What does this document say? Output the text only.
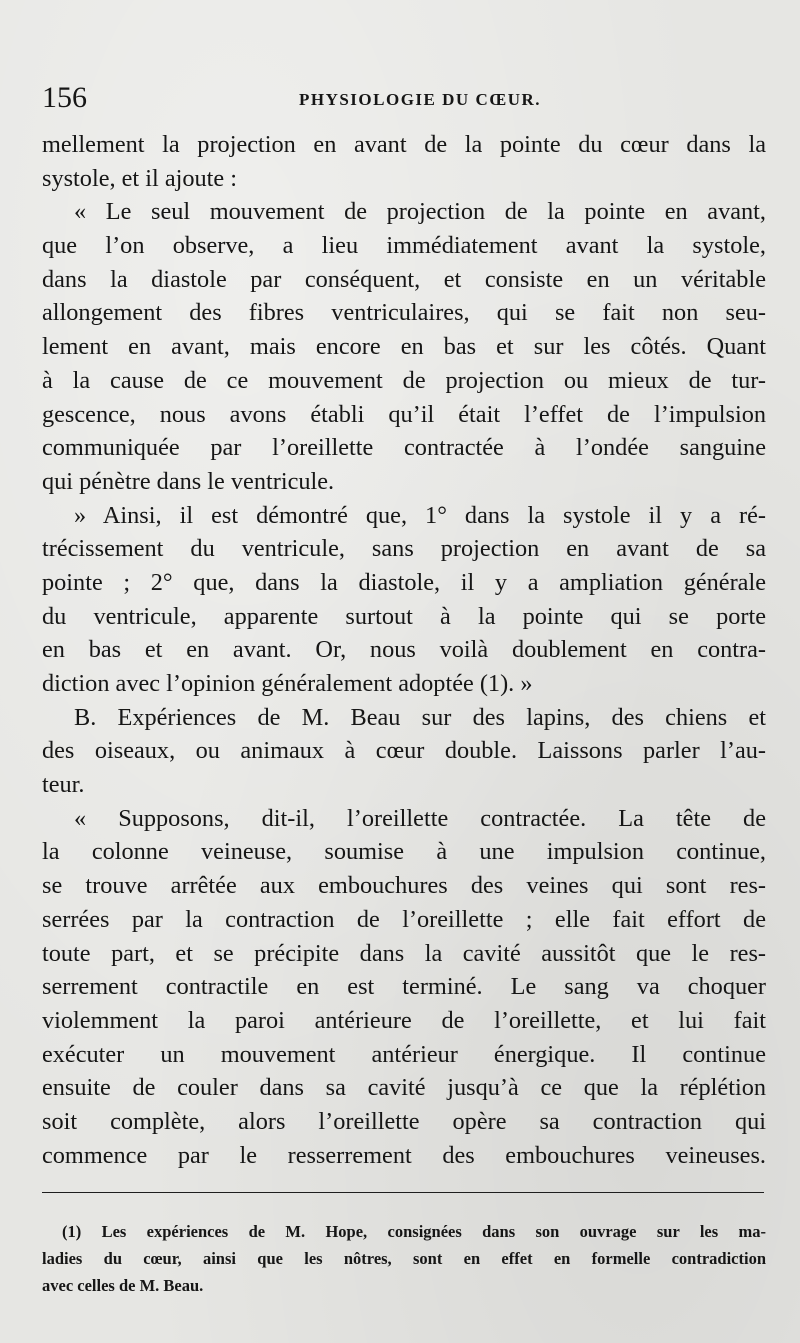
156	PHYSIOLOGIE DU CŒUR.
mellement la projection en avant de la pointe du cœur dans la
systole, et il ajoute :
« Le seul mouvement de projection de la pointe en avant,
que l’on observe, a lieu immédiatement avant la systole,
dans la diastole par conséquent, et consiste en un véritable
allongement des fibres ventriculaires, qui se fait non seu-
lement en avant, mais encore en bas et sur les côtés. Quant
à la cause de ce mouvement de projection ou mieux de tur-
gescence, nous avons établi qu’il était l’effet de l’impulsion
communiquée par l’oreillette contractée à l’ondée sanguine
qui pénètre dans le ventricule.
» Ainsi, il est démontré que, 1° dans la systole il y a ré-
trécissement du ventricule, sans projection en avant de sa
pointe ; 2° que, dans la diastole, il y a ampliation générale
du ventricule, apparente surtout à la pointe qui se porte
en bas et en avant. Or, nous voilà doublement en contra-
diction avec l’opinion généralement adoptée (1). »
B. Expériences de M. Beau sur des lapins, des chiens et
des oiseaux, ou animaux à cœur double. Laissons parler l’au-
teur.
« Supposons, dit-il, l’oreillette contractée. La tête de
la colonne veineuse, soumise à une impulsion continue,
se trouve arrêtée aux embouchures des veines qui sont res-
serrées par la contraction de l’oreillette ; elle fait effort de
toute part, et se précipite dans la cavité aussitôt que le res-
serrement contractile en est terminé. Le sang va choquer
violemment la paroi antérieure de l’oreillette, et lui fait
exécuter un mouvement antérieur énergique. Il continue
ensuite de couler dans sa cavité jusqu’à ce que la réplétion
soit complète, alors l’oreillette opère sa contraction qui
commence par le resserrement des embouchures veineuses.
(1) Les expériences de M. Hope, consignées dans son ouvrage sur les ma-
ladies du cœur, ainsi que les nôtres, sont en effet en formelle contradiction
avec celles de M. Beau.
